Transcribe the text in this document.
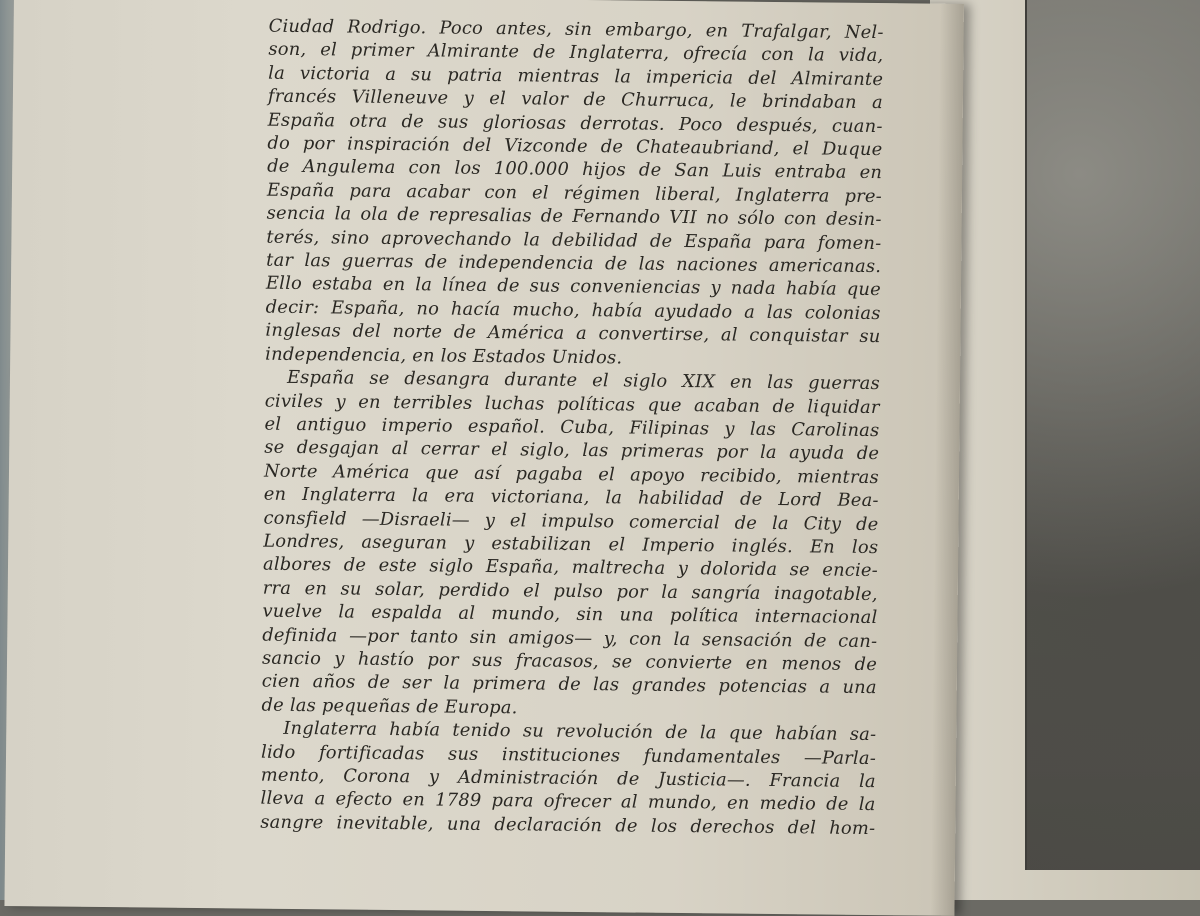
Ciudad Rodrigo. Poco antes, sin embargo, en Trafalgar, Nel-
son, el primer Almirante de Inglaterra, ofrecía con la vida,
la victoria a su patria mientras la impericia del Almirante
francés Villeneuve y el valor de Churruca, le brindaban a
España otra de sus gloriosas derrotas. Poco después, cuan-
do por inspiración del Vizconde de Chateaubriand, el Duque
de Angulema con los 100.000 hijos de San Luis entraba en
España para acabar con el régimen liberal, Inglaterra pre-
sencia la ola de represalias de Fernando VII no sólo con desin-
terés, sino aprovechando la debilidad de España para fomen-
tar las guerras de independencia de las naciones americanas.
Ello estaba en la línea de sus conveniencias y nada había que
decir: España, no hacía mucho, había ayudado a las colonias
inglesas del norte de América a convertirse, al conquistar su
independencia, en los Estados Unidos.

España se desangra durante el siglo XIX en las guerras
civiles y en terribles luchas políticas que acaban de liquidar
el antiguo imperio español. Cuba, Filipinas y las Carolinas
se desgajan al cerrar el siglo, las primeras por la ayuda de
Norte América que así pagaba el apoyo recibido, mientras
en Inglaterra la era victoriana, la habilidad de Lord Bea-
consfield —Disraeli— y el impulso comercial de la City de
Londres, aseguran y estabilizan el Imperio inglés. En los
albores de este siglo España, maltrecha y dolorida se encie-
rra en su solar, perdido el pulso por la sangría inagotable,
vuelve la espalda al mundo, sin una política internacional
definida —por tanto sin amigos— y, con la sensación de can-
sancio y hastío por sus fracasos, se convierte en menos de
cien años de ser la primera de las grandes potencias a una
de las pequeñas de Europa.

Inglaterra había tenido su revolución de la que habían sa-
lido fortificadas sus instituciones fundamentales —Parla-
mento, Corona y Administración de Justicia—. Francia la
lleva a efecto en 1789 para ofrecer al mundo, en medio de la
sangre inevitable, una declaración de los derechos del hom-
